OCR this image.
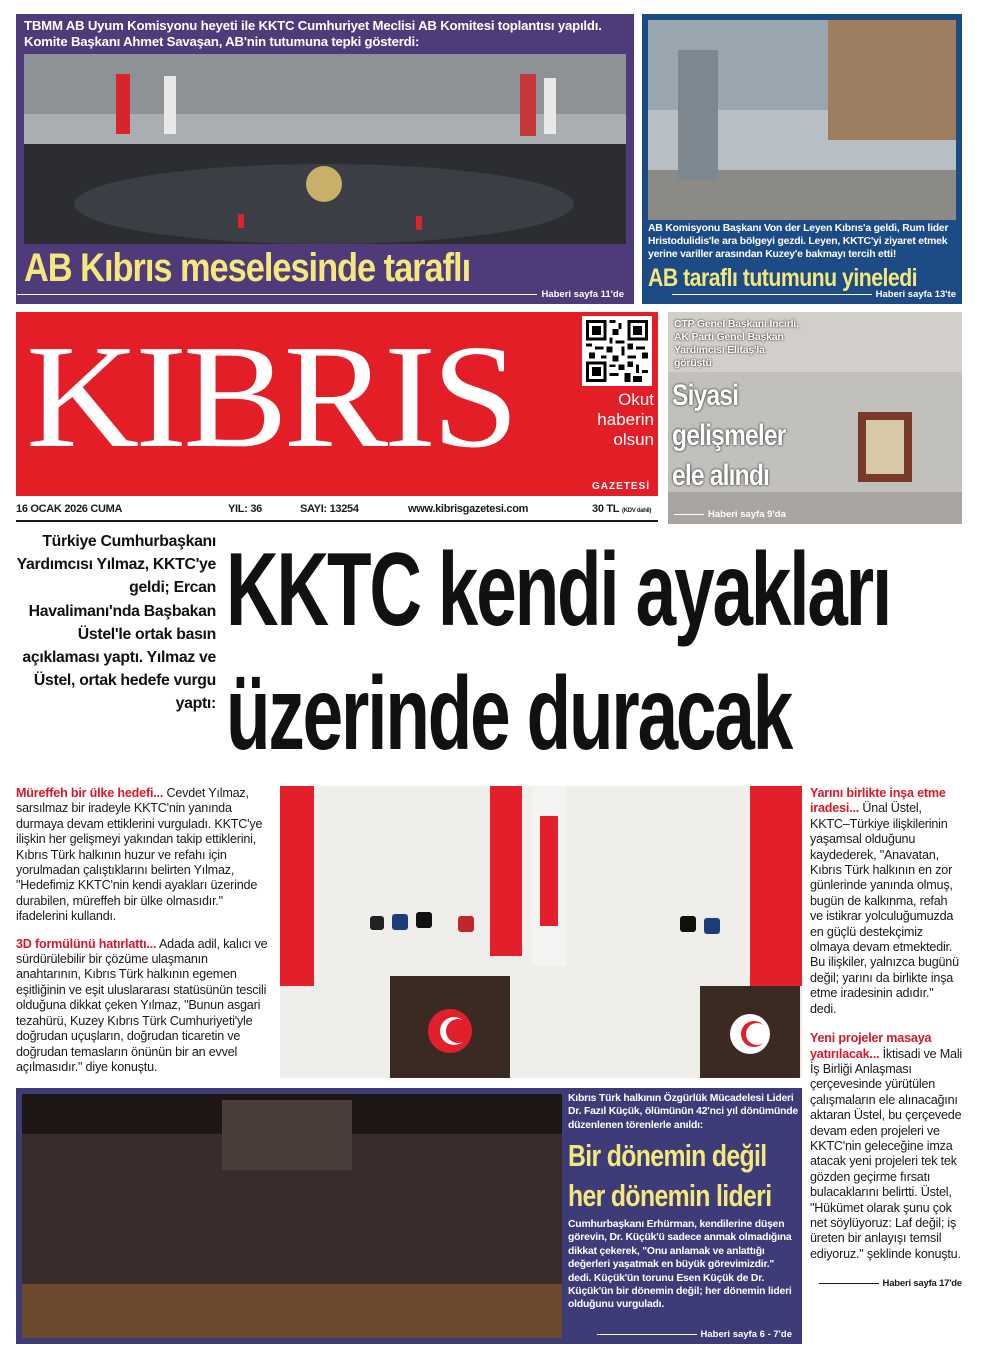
TBMM AB Uyum Komisyonu heyeti ile KKTC Cumhuriyet Meclisi AB Komitesi toplantısı yapıldı. Komite Başkanı Ahmet Savaşan, AB'nin tutumuna tepki gösterdi:
AB Kıbrıs meselesinde taraflı
Haberi sayfa 11'de
AB Komisyonu Başkanı Von der Leyen Kıbrıs'a geldi, Rum lider Hristodulidis'le ara bölgeyi gezdi. Leyen, KKTC'yi ziyaret etmek yerine variller arasından Kuzey'e bakmayı tercih etti!
AB taraflı tutumunu yineledi
Haberi sayfa 13'te
KIBRIS	Okut
haberin
olsun
GAZETESİ
16 OCAK 2026 CUMA	YIL: 36	SAYI: 13254	www.kibrisgazetesi.com	30 TL (KDV dahil)
CTP Genel Başkanı İncirli, AK Parti Genel Başkan Yardımcısı Elitaş'la görüştü
Siyasi
gelişmeler
ele alındı
Haberi sayfa 9'da
Türkiye Cumhurbaşkanı Yardımcısı Yılmaz, KKTC'ye geldi; Ercan Havalimanı'nda Başbakan Üstel'le ortak basın açıklaması yaptı. Yılmaz ve Üstel, ortak hedefe vurgu yaptı:
KKTC kendi ayakları
üzerinde duracak

Müreffeh bir ülke hedefi... Cevdet Yılmaz, sarsılmaz bir iradeyle KKTC'nin yanında durmaya devam ettiklerini vurguladı. KKTC'ye ilişkin her gelişmeyi yakından takip ettiklerini, Kıbrıs Türk halkının huzur ve refahı için yorulmadan çalıştıklarını belirten Yılmaz, "Hedefimiz KKTC'nin kendi ayakları üzerinde durabilen, müreffeh bir ülke olmasıdır." ifadelerini kullandı.

3D formülünü hatırlattı... Adada adil, kalıcı ve sürdürülebilir bir çözüme ulaşmanın anahtarının, Kıbrıs Türk halkının egemen eşitliğinin ve eşit uluslararası statüsünün tescili olduğuna dikkat çeken Yılmaz, "Bunun asgari tezahürü, Kuzey Kıbrıs Türk Cumhuriyeti'yle doğrudan uçuşların, doğrudan ticaretin ve doğrudan temasların önünün bir an evvel açılmasıdır." diye konuştu.

Yarını birlikte inşa etme iradesi... Ünal Üstel, KKTC–Türkiye ilişkilerinin yaşamsal olduğunu kaydederek, "Anavatan, Kıbrıs Türk halkının en zor günlerinde yanında olmuş, bugün de kalkınma, refah ve istikrar yolculuğumuzda en güçlü destekçimiz olmaya devam etmektedir. Bu ilişkiler, yalnızca bugünü değil; yarını da birlikte inşa etme iradesinin adıdır." dedi.

Yeni projeler masaya yatırılacak... İktisadi ve Mali İş Birliği Anlaşması çerçevesinde yürütülen çalışmaların ele alınacağını aktaran Üstel, bu çerçevede devam eden projeleri ve KKTC'nin geleceğine imza atacak yeni projeleri tek tek gözden geçirme fırsatı bulacaklarını belirtti. Üstel, "Hükümet olarak şunu çok net söylüyoruz: Laf değil; iş üreten bir anlayışı temsil ediyoruz." şeklinde konuştu.

Haberi sayfa 17'de
Kıbrıs Türk halkının Özgürlük Mücadelesi Lideri Dr. Fazıl Küçük, ölümünün 42'nci yıl dönümünde düzenlenen törenlerle anıldı:
Bir dönemin değil
her dönemin lideri
Cumhurbaşkanı Erhürman, kendilerine düşen görevin, Dr. Küçük'ü sadece anmak olmadığına dikkat çekerek, "Onu anlamak ve anlattığı değerleri yaşatmak en büyük görevimizdir." dedi. Küçük'ün torunu Esen Küçük de Dr. Küçük'ün bir dönemin değil; her dönemin lideri olduğunu vurguladı.
Haberi sayfa 6 - 7'de
